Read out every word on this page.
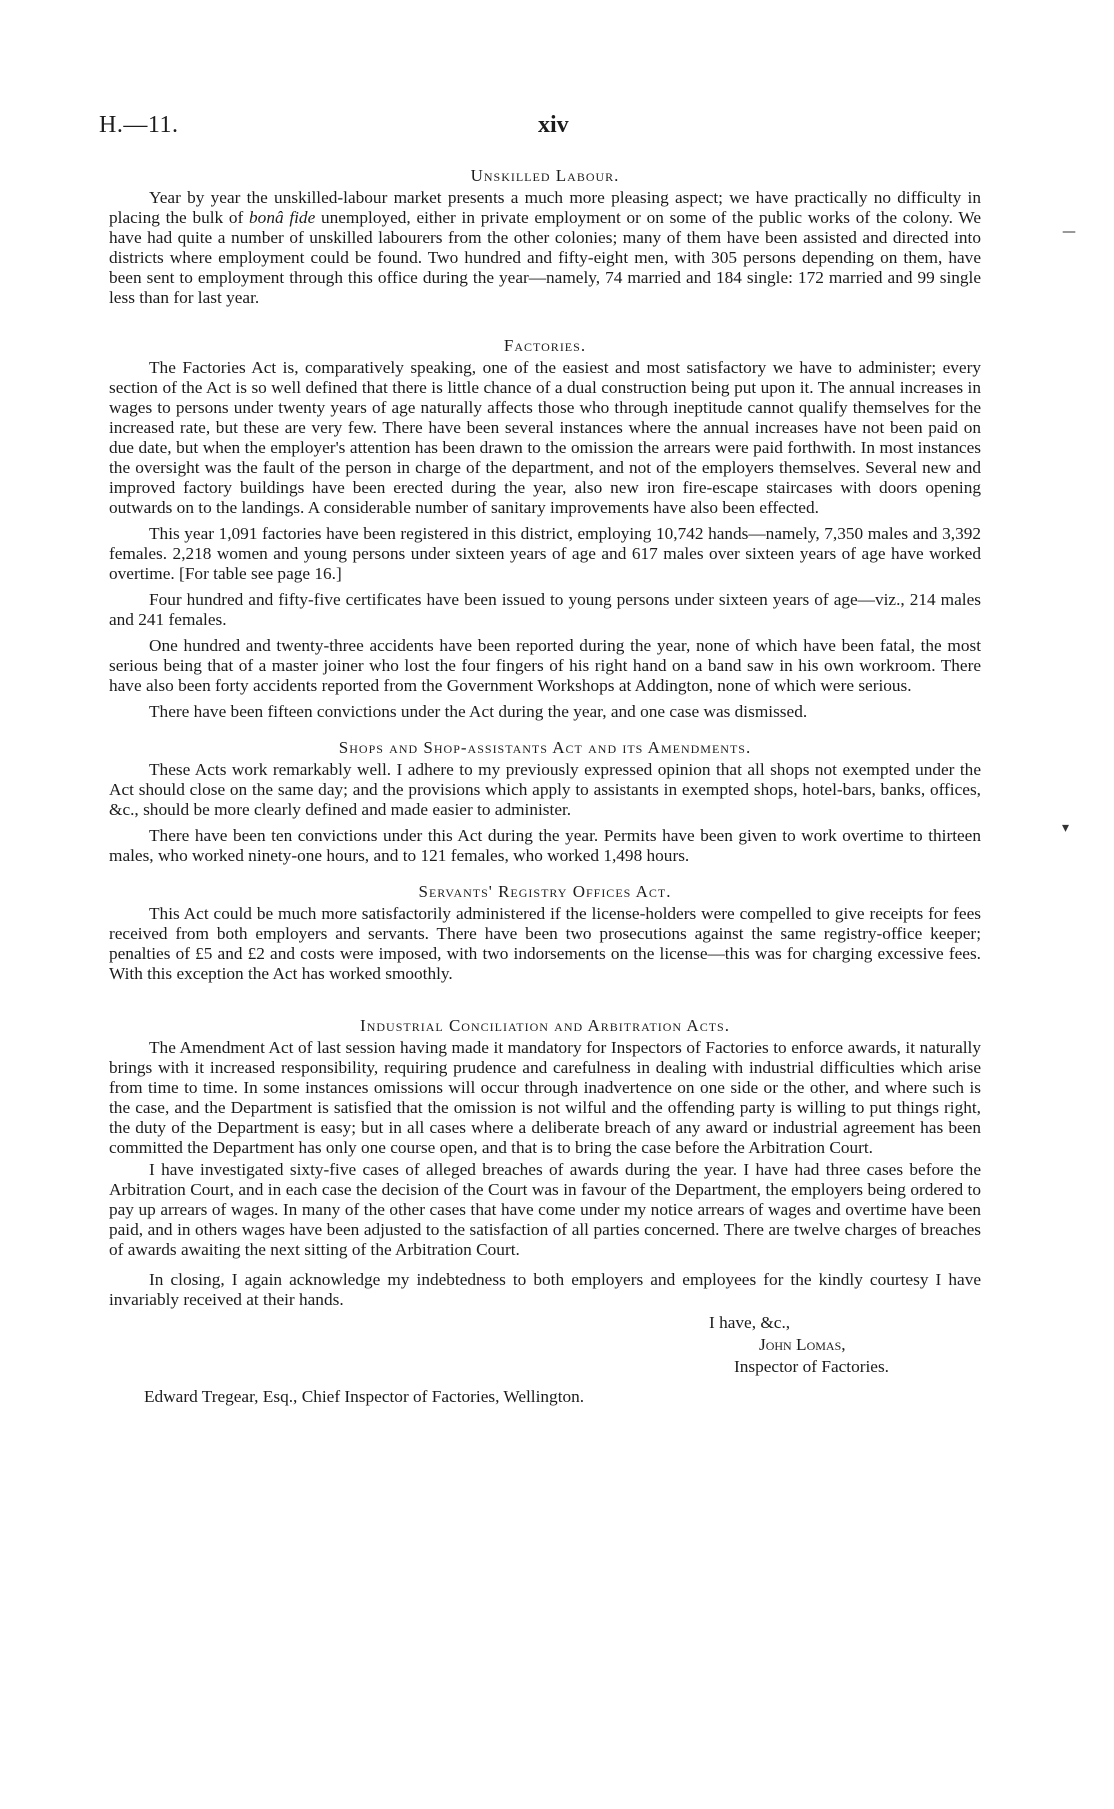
H.—11.	xiv
—
▾
Unskilled Labour.

Year by year the unskilled-labour market presents a much more pleasing aspect; we have practically no difficulty in placing the bulk of bonâ fide unemployed, either in private employment or on some of the public works of the colony. We have had quite a number of unskilled labourers from the other colonies; many of them have been assisted and directed into districts where employment could be found. Two hundred and fifty-eight men, with 305 persons depending on them, have been sent to employment through this office during the year—namely, 74 married and 184 single: 172 married and 99 single less than for last year.

Factories.

The Factories Act is, comparatively speaking, one of the easiest and most satisfactory we have to administer; every section of the Act is so well defined that there is little chance of a dual construction being put upon it. The annual increases in wages to persons under twenty years of age naturally affects those who through ineptitude cannot qualify themselves for the increased rate, but these are very few. There have been several instances where the annual increases have not been paid on due date, but when the employer's attention has been drawn to the omission the arrears were paid forthwith. In most instances the oversight was the fault of the person in charge of the department, and not of the employers themselves. Several new and improved factory buildings have been erected during the year, also new iron fire-escape staircases with doors opening outwards on to the landings. A considerable number of sanitary improvements have also been effected.

This year 1,091 factories have been registered in this district, employing 10,742 hands—namely, 7,350 males and 3,392 females. 2,218 women and young persons under sixteen years of age and 617 males over sixteen years of age have worked overtime. [For table see page 16.]

Four hundred and fifty-five certificates have been issued to young persons under sixteen years of age—viz., 214 males and 241 females.

One hundred and twenty-three accidents have been reported during the year, none of which have been fatal, the most serious being that of a master joiner who lost the four fingers of his right hand on a band saw in his own workroom. There have also been forty accidents reported from the Government Workshops at Addington, none of which were serious.

There have been fifteen convictions under the Act during the year, and one case was dismissed.

Shops and Shop-assistants Act and its Amendments.

These Acts work remarkably well. I adhere to my previously expressed opinion that all shops not exempted under the Act should close on the same day; and the provisions which apply to assistants in exempted shops, hotel-bars, banks, offices, &c., should be more clearly defined and made easier to administer.

There have been ten convictions under this Act during the year. Permits have been given to work overtime to thirteen males, who worked ninety-one hours, and to 121 females, who worked 1,498 hours.

Servants' Registry Offices Act.

This Act could be much more satisfactorily administered if the license-holders were compelled to give receipts for fees received from both employers and servants. There have been two prosecutions against the same registry-office keeper; penalties of £5 and £2 and costs were imposed, with two indorsements on the license—this was for charging excessive fees. With this exception the Act has worked smoothly.

Industrial Conciliation and Arbitration Acts.

The Amendment Act of last session having made it mandatory for Inspectors of Factories to enforce awards, it naturally brings with it increased responsibility, requiring prudence and carefulness in dealing with industrial difficulties which arise from time to time. In some instances omissions will occur through inadvertence on one side or the other, and where such is the case, and the Department is satisfied that the omission is not wilful and the offending party is willing to put things right, the duty of the Department is easy; but in all cases where a deliberate breach of any award or industrial agreement has been committed the Department has only one course open, and that is to bring the case before the Arbitration Court.

I have investigated sixty-five cases of alleged breaches of awards during the year. I have had three cases before the Arbitration Court, and in each case the decision of the Court was in favour of the Department, the employers being ordered to pay up arrears of wages. In many of the other cases that have come under my notice arrears of wages and overtime have been paid, and in others wages have been adjusted to the satisfaction of all parties concerned. There are twelve charges of breaches of awards awaiting the next sitting of the Arbitration Court.

In closing, I again acknowledge my indebtedness to both employers and employees for the kindly courtesy I have invariably received at their hands.

I have, &c.,
John Lomas,
Inspector of Factories.
Edward Tregear, Esq., Chief Inspector of Factories, Wellington.
